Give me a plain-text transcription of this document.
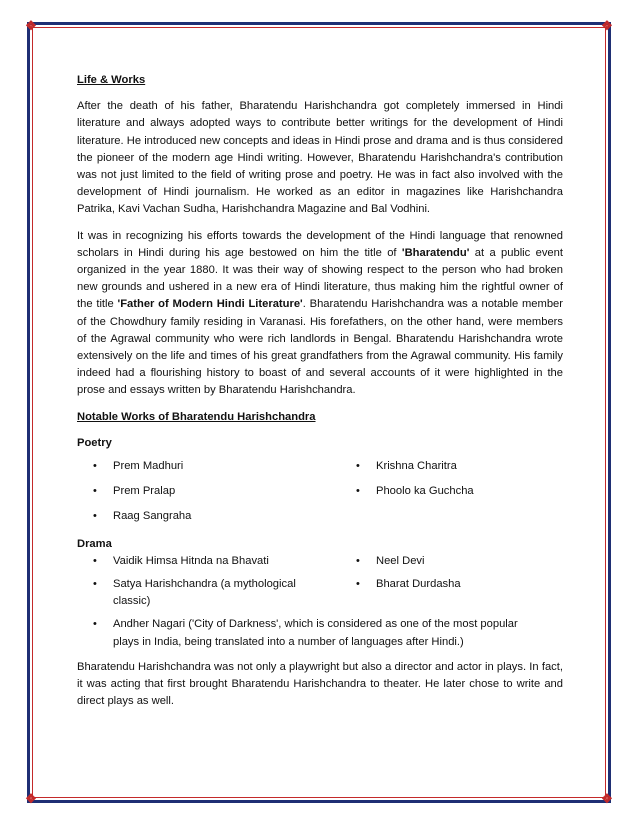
❖	❖
❖	❖
Life & Works

After the death of his father, Bharatendu Harishchandra got completely immersed in Hindi literature and always adopted ways to contribute better writings for the development of Hindi literature. He introduced new concepts and ideas in Hindi prose and drama and is thus considered the pioneer of the modern age Hindi writing. However, Bharatendu Harishchandra's contribution was not just limited to the field of writing prose and poetry. He was in fact also involved with the development of Hindi journalism. He worked as an editor in magazines like Harishchandra Patrika, Kavi Vachan Sudha, Harishchandra Magazine and Bal Vodhini.

It was in recognizing his efforts towards the development of the Hindi language that renowned scholars in Hindi during his age bestowed on him the title of 'Bharatendu' at a public event organized in the year 1880. It was their way of showing respect to the person who had broken new grounds and ushered in a new era of Hindi literature, thus making him the rightful owner of the title 'Father of Modern Hindi Literature'. Bharatendu Harishchandra was a notable member of the Chowdhury family residing in Varanasi. His forefathers, on the other hand, were members of the Agrawal community who were rich landlords in Bengal. Bharatendu Harishchandra wrote extensively on the life and times of his great grandfathers from the Agrawal community. His family indeed had a flourishing history to boast of and several accounts of it were highlighted in the prose and essays written by Bharatendu Harishchandra.

Notable Works of Bharatendu Harishchandra
Poetry
• Prem Madhuri	• Krishna Charitra
• Prem Pralap	• Phoolo ka Guchcha
• Raag Sangraha
Drama
• Vaidik Himsa Hitnda na Bhavati	• Neel Devi
• Satya Harishchandra (a mythological classic)
• Bharat Durdasha
• Andher Nagari ('City of Darkness', which is considered as one of the most popular plays in India, being translated into a number of languages after Hindi.)

Bharatendu Harishchandra was not only a playwright but also a director and actor in plays. In fact, it was acting that first brought Bharatendu Harishchandra to theater. He later chose to write and direct plays as well.
